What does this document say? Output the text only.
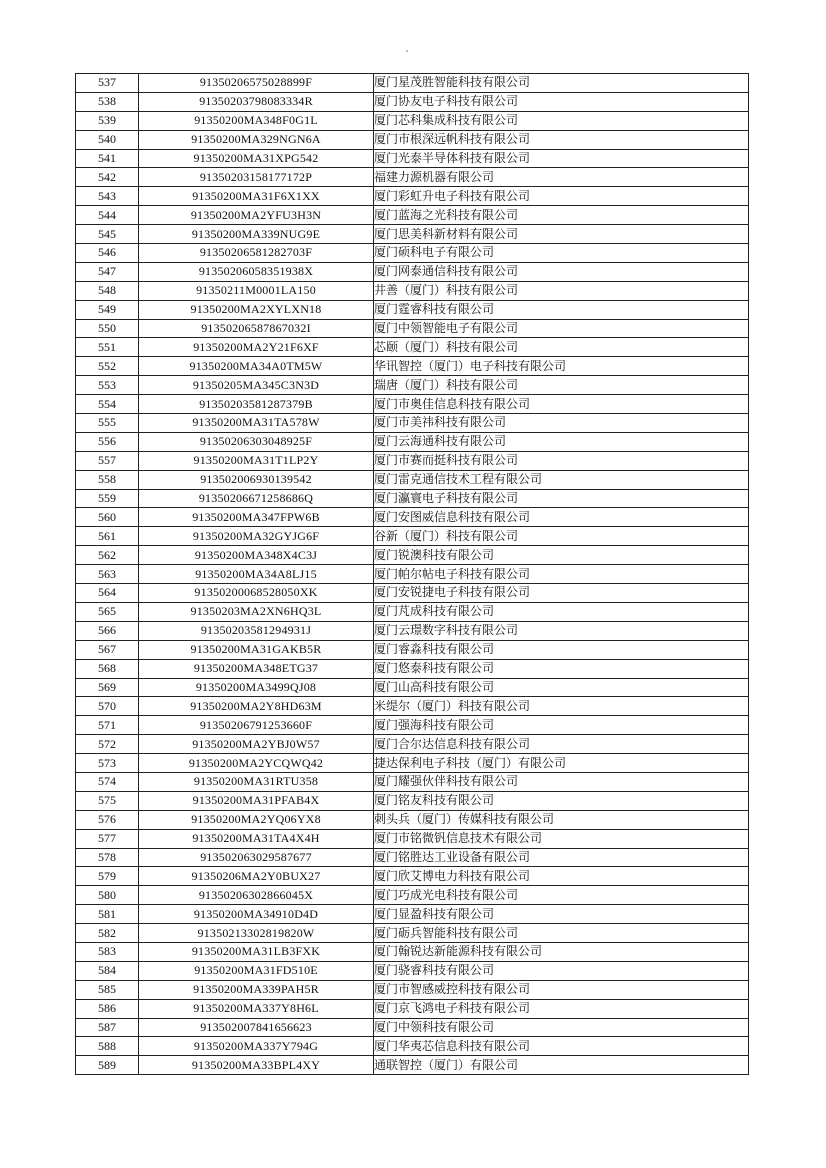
537	91350206575028899F	厦门星茂胜智能科技有限公司
538	91350203798083334R	厦门协友电子科技有限公司
539	91350200MA348F0G1L	厦门芯科集成科技有限公司
540	91350200MA329NGN6A	厦门市根深远帆科技有限公司
541	91350200MA31XPG542	厦门光泰半导体科技有限公司
542	91350203158177172P	福建力源机器有限公司
543	91350200MA31F6X1XX	厦门彩虹升电子科技有限公司
544	91350200MA2YFU3H3N	厦门蓝海之光科技有限公司
545	91350200MA339NUG9E	厦门思美科新材料有限公司
546	91350206581282703F	厦门硕科电子有限公司
547	91350206058351938X	厦门网泰通信科技有限公司
548	91350211M0001LA150	井善（厦门）科技有限公司
549	91350200MA2XYLXN18	厦门霆睿科技有限公司
550	91350206587867032I	厦门中领智能电子有限公司
551	91350200MA2Y21F6XF	芯颐（厦门）科技有限公司
552	91350200MA34A0TM5W	华讯智控（厦门）电子科技有限公司
553	91350205MA345C3N3D	瑞唐（厦门）科技有限公司
554	91350203581287379B	厦门市奥佳信息科技有限公司
555	91350200MA31TA578W	厦门市美祎科技有限公司
556	91350206303048925F	厦门云海通科技有限公司
557	91350200MA31T1LP2Y	厦门市赛而挺科技有限公司
558	91350200693013954​2	厦门雷克通信技术工程有限公司
559	91350206671258686Q	厦门瀛寰电子科技有限公司
560	91350200MA347FPW6B	厦门安图威信息科技有限公司
561	91350200MA32GYJG6F	谷新（厦门）科技有限公司
562	91350200MA348X4C3J	厦门锐澳科技有限公司
563	91350200MA34A8LJ15	厦门帕尔帖电子科技有限公司
564	91350200068528050XK	厦门安锐捷电子科技有限公司
565	91350203MA2XN6HQ3L	厦门芃成科技有限公司
566	91350203581294931J	厦门云璟数字科技有限公司
567	91350200MA31GAKB5R	厦门睿淼科技有限公司
568	91350200MA348ETG37	厦门悠泰科技有限公司
569	91350200MA3499QJ08	厦门山高科技有限公司
570	91350200MA2Y8HD63M	米缇尔（厦门）科技有限公司
571	91350206791253660F	厦门强海科技有限公司
572	91350200MA2YBJ0W57	厦门合尔达信息科技有限公司
573	91350200MA2YCQWQ42	捷达保利电子科技（厦门）有限公司
574	91350200MA31RTU358	厦门耀强伙伴科技有限公司
575	91350200MA31PFAB4X	厦门铭友科技有限公司
576	91350200MA2YQ06YX8	刺头兵（厦门）传媒科技有限公司
577	91350200MA31TA4X4H	厦门市铭微钒信息技术有限公司
578	91350206302958767​7	厦门铭胜达工业设备有限公司
579	91350206MA2Y0BUX27	厦门欣艾博电力科技有限公司
580	91350206302866045X	厦门巧成光电科技有限公司
581	91350200MA34910D4D	厦门显盈科技有限公司
582	91350213302819820W	厦门砺兵智能科技有限公司
583	91350200MA31LB3FXK	厦门翰锐达新能源科技有限公司
584	91350200MA31FD510E	厦门骁睿科技有限公司
585	91350200MA339PAH5R	厦门市智感威控科技有限公司
586	91350200MA337Y8H6L	厦门京飞鸿电子科技有限公司
587	91350200784165662​3	厦门中领科技有限公司
588	91350200MA337Y794G	厦门华夷芯信息科技有限公司
589	91350200MA33BPL4XY	通联智控（厦门）有限公司
